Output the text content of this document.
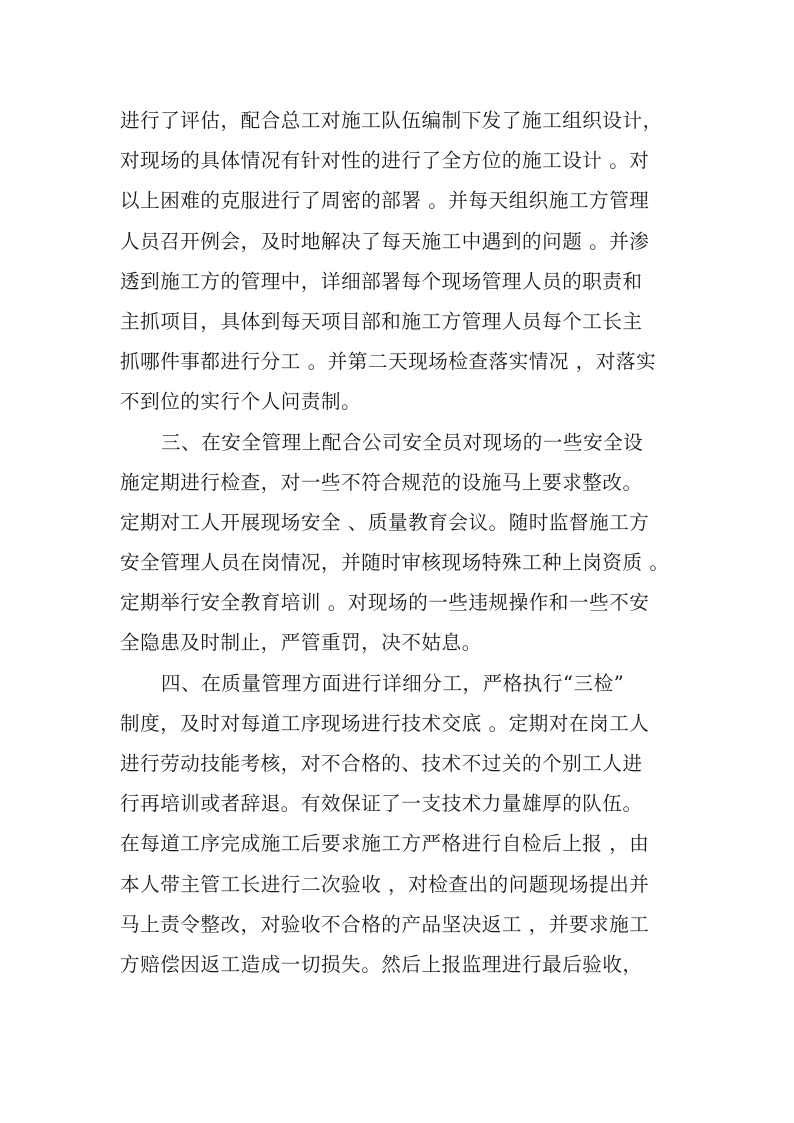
进行了评估，配合总工对施工队伍编制下发了施工组织设计，
对现场的具体情况有针对性的进行了全方位的施工设计 。对
以上困难的克服进行了周密的部署 。并每天组织施工方管理
人员召开例会，及时地解决了每天施工中遇到的问题 。并渗
透到施工方的管理中，详细部署每个现场管理人员的职责和
主抓项目，具体到每天项目部和施工方管理人员每个工长主
抓哪件事都进行分工 。并第二天现场检查落实情况 ，对落实
不到位的实行个人问责制。
三、在安全管理上配合公司安全员对现场的一些安全设
施定期进行检查，对一些不符合规范的设施马上要求整改。
定期对工人开展现场安全 、质量教育会议。随时监督施工方
安全管理人员在岗情况，并随时审核现场特殊工种上岗资质 。
定期举行安全教育培训 。对现场的一些违规操作和一些不安
全隐患及时制止，严管重罚，决不姑息。
四、在质量管理方面进行详细分工，严格执行“三检”
制度，及时对每道工序现场进行技术交底 。定期对在岗工人
进行劳动技能考核，对不合格的、技术不过关的个别工人进
行再培训或者辞退。有效保证了一支技术力量雄厚的队伍。
在每道工序完成施工后要求施工方严格进行自检后上报 ，由
本人带主管工长进行二次验收 ，对检查出的问题现场提出并
马上责令整改，对验收不合格的产品坚决返工 ，并要求施工
方赔偿因返工造成一切损失。然后上报监理进行最后验收，
